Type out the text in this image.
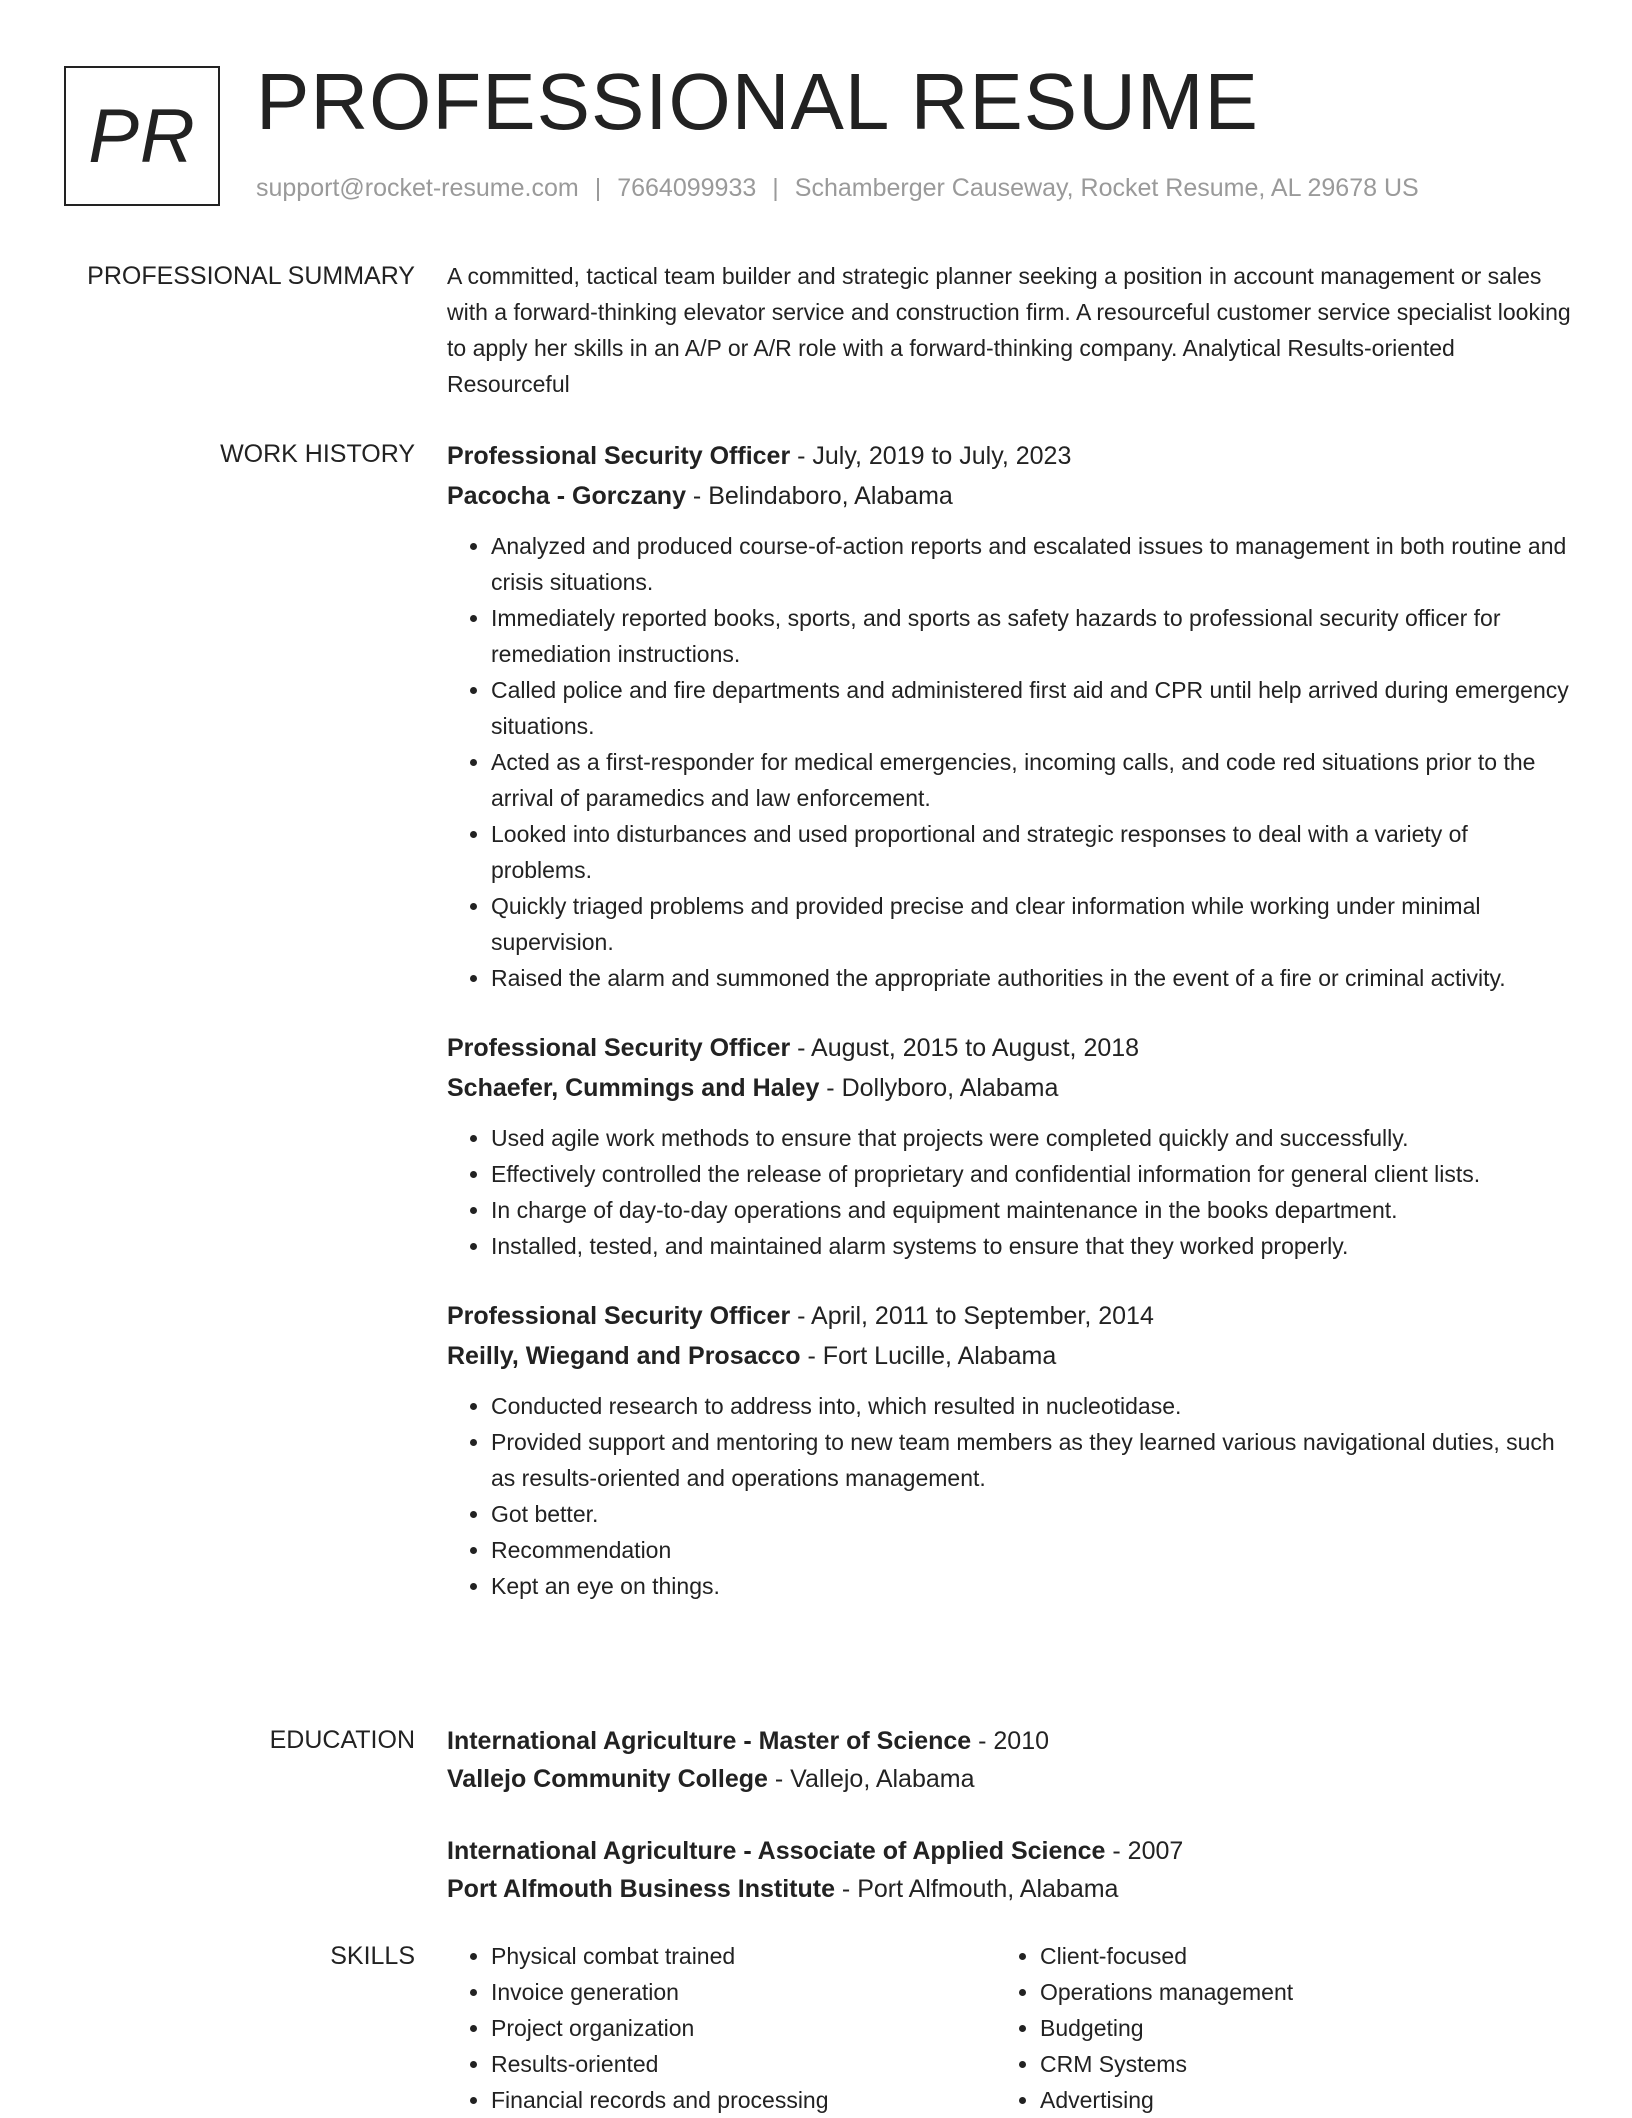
PR PROFESSIONAL RESUME
support@rocket-resume.com | 7664099933 | Schamberger Causeway, Rocket Resume, AL 29678 US
PROFESSIONAL SUMMARY A committed, tactical team builder and strategic planner seeking a position in account management or sales with a forward-thinking elevator service and construction firm. A resourceful customer service specialist looking to apply her skills in an A/P or A/R role with a forward-thinking company. Analytical Results-oriented Resourceful

WORK HISTORY Professional Security Officer - July, 2019 to July, 2023
Pacocha - Gorczany - Belindaboro, Alabama
• Analyzed and produced course-of-action reports and escalated issues to management in both routine and crisis situations.
• Immediately reported books, sports, and sports as safety hazards to professional security officer for remediation instructions.
• Called police and fire departments and administered first aid and CPR until help arrived during emergency situations.
• Acted as a first-responder for medical emergencies, incoming calls, and code red situations prior to the arrival of paramedics and law enforcement.
• Looked into disturbances and used proportional and strategic responses to deal with a variety of problems.
• Quickly triaged problems and provided precise and clear information while working under minimal supervision.
• Raised the alarm and summoned the appropriate authorities in the event of a fire or criminal activity.
Professional Security Officer - August, 2015 to August, 2018
Schaefer, Cummings and Haley - Dollyboro, Alabama
• Used agile work methods to ensure that projects were completed quickly and successfully.
• Effectively controlled the release of proprietary and confidential information for general client lists.
• In charge of day-to-day operations and equipment maintenance in the books department.
• Installed, tested, and maintained alarm systems to ensure that they worked properly.
Professional Security Officer - April, 2011 to September, 2014
Reilly, Wiegand and Prosacco - Fort Lucille, Alabama
• Conducted research to address into, which resulted in nucleotidase.
• Provided support and mentoring to new team members as they learned various navigational duties, such as results-oriented and operations management.
• Got better.
• Recommendation
• Kept an eye on things.
EDUCATION International Agriculture - Master of Science - 2010
Vallejo Community College - Vallejo, Alabama
International Agriculture - Associate of Applied Science - 2007
Port Alfmouth Business Institute - Port Alfmouth, Alabama
SKILLS
•	Physical combat trained
• Invoice generation
• Project organization
• Results-oriented
• Financial records and processing
• Client-focused
• Operations management
• Budgeting
• CRM Systems
• Advertising
